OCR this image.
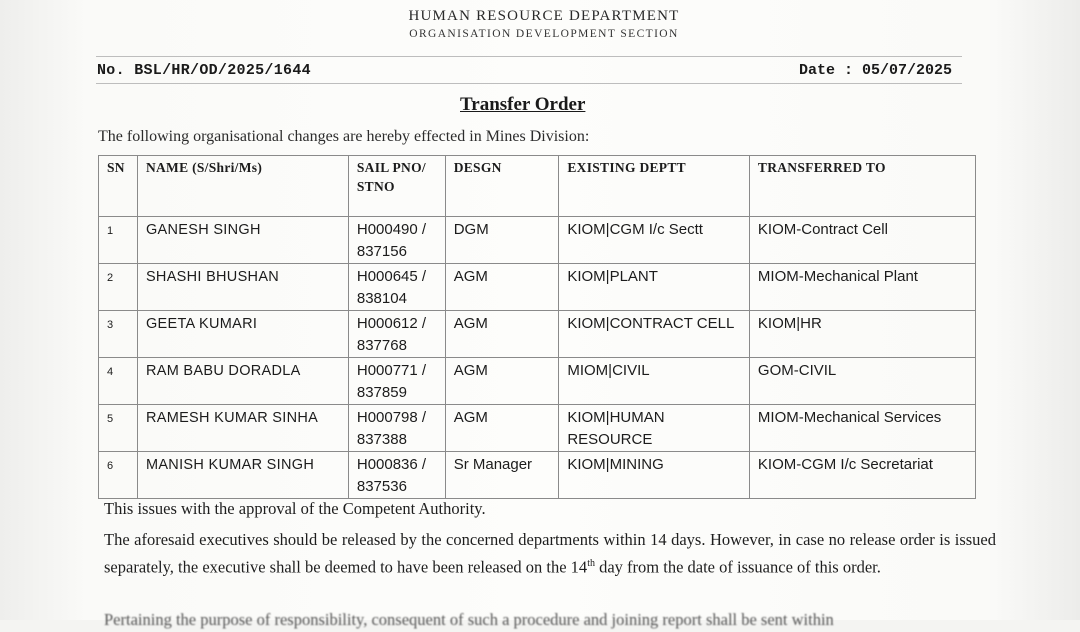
HUMAN RESOURCE DEPARTMENT
ORGANISATION DEVELOPMENT SECTION
No. BSL/HR/OD/2025/1644	Date : 05/07/2025
Transfer Order
The following organisational changes are hereby effected in Mines Division:
SN	NAME (S/Shri/Ms)	SAIL PNO/ STNO	DESGN	EXISTING DEPTT	TRANSFERRED TO
1	GANESH SINGH	H000490 / 837156	DGM	KIOM|CGM I/c Sectt	KIOM-Contract Cell
2	SHASHI BHUSHAN	H000645 / 838104	AGM	KIOM|PLANT	MIOM-Mechanical Plant
3	GEETA KUMARI	H000612 / 837768	AGM	KIOM|CONTRACT CELL	KIOM|HR
4	RAM BABU DORADLA	H000771 / 837859	AGM	MIOM|CIVIL	GOM-CIVIL
5	RAMESH KUMAR SINHA	H000798 / 837388	AGM	KIOM|HUMAN RESOURCE	MIOM-Mechanical Services
6	MANISH KUMAR SINGH	H000836 / 837536	Sr Manager	KIOM|MINING	KIOM-CGM I/c Secretariat
This issues with the approval of the Competent Authority.
The aforesaid executives should be released by the concerned departments within 14 days. However, in case no release order is issued separately, the executive shall be deemed to have been released on the 14th day from the date of issuance of this order.
Pertaining the purpose of responsibility, consequent of such a procedure and joining report shall be sent within
